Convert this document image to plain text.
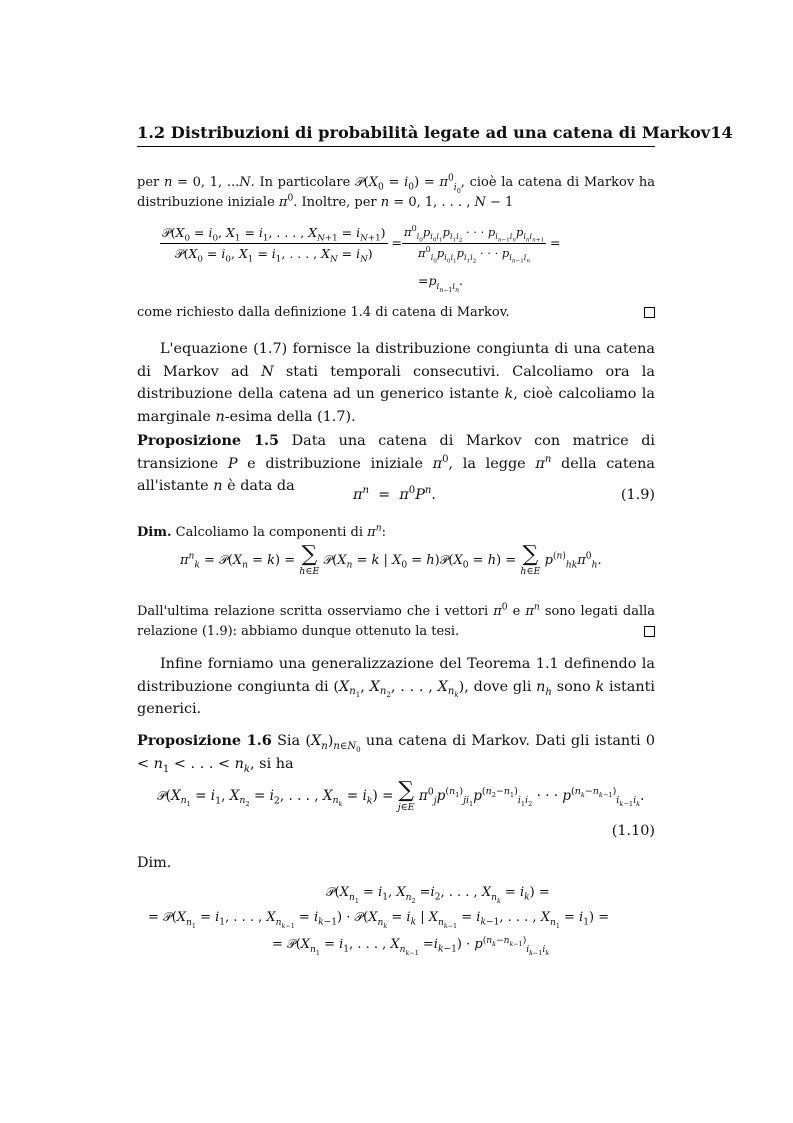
1.2 Distribuzioni di probabilità legate ad una catena di Markov14
per n = 0, 1, ...N. In particolare $𝒫(X_0 = i_0) = \pi^0_{i_0}$, cioè la catena di Markov ha distribuzione iniziale $\pi^0$. Inoltre, per n = 0, 1, . . . , N − 1
$\frac{𝒫(X_0 = i_0, X_1 = i_1, . . . , X_{N+1} = i_{N+1})}{𝒫(X_0 = i_0, X_1 = i_1, . . . , X_N = i_N)} = \frac{\pi^0_{i_0}p_{i_0i_1}p_{i_1i_2} \cdot \cdot \cdot p_{i_{n-1}i_n}p_{i_ni_{n+1}}}{\pi^0_{i_0}p_{i_0i_1}p_{i_1i_2} \cdot \cdot \cdot p_{i_{n-1}i_n}}$ =
$=p_{i_{n-1}i_n}$.
come richiesto dalla definizione 1.4 di catena di Markov.
L'equazione (1.7) fornisce la distribuzione congiunta di una catena di Markov ad N stati temporali consecutivi. Calcoliamo ora la distribuzione della catena ad un generico istante k, cioè calcoliamo la marginale n-esima della (1.7).
Proposizione 1.5 Data una catena di Markov con matrice di transizione P e distribuzione iniziale $\pi^0$, la legge $\pi^n$ della catena all'istante n è data da
$\pi^n = \pi^0P^n$.	(1.9)
Dim. Calcoliamo la componenti di $\pi^n$:
$\pi^n_k$ = $𝒫(X_n = k)$ = ∑
h∈E
$𝒫(X_n = k$ | $X_0$ = $h)𝒫(X_0 = h)$ = ∑
h∈E
$p^{(n)}_{hk}\pi^0_h$.
Dall'ultima relazione scritta osserviamo che i vettori $\pi^0$ e $\pi^n$ sono legati dalla relazione (1.9): abbiamo dunque ottenuto la tesi.
Infine forniamo una generalizzazione del Teorema 1.1 definendo la distribuzione congiunta di ($X_{n_1}$, $X_{n_2}$, . . . , $X_{n_k}$), dove gli $n_h$ sono k istanti generici.
Proposizione 1.6 Sia $(X_n)_{n\in N_0}$ una catena di Markov. Dati gli istanti $0 < n_1$ < . . . < $n_k$, si ha
$𝒫(X_{n_1} = i_1$, $X_{n_2} = i_2$, . . . , $X_{n_k} = i_k$) = ∑
j∈E
$\pi^0_jp^{(n_1)}_{ji_1}p^{(n_2-n_1)}_{i_1i_2}$ · · · $p^{(n_k-n_{k-1})}_{i_{k-1}i_k}$.
(1.10)
Dim.
$𝒫(X_{n_1} = i_1$, $X_{n_2} =i_2$, . . . , $X_{n_k} = i_k$) =
= $𝒫(X_{n_1} = i_1$, . . . , $X_{n_{k-1}} = i_{k-1}$) · $𝒫(X_{n_k} = i_k$ | $X_{n_{k-1}} = i_{k-1}$, . . . , $X_{n_1} = i_1$) =
= $𝒫(X_{n_1} = i_1$, . . . , $X_{n_{k-1}} =i_{k-1}) \cdot p^{(n_k-n_{k-1})}_{i_{k-1}i_k}$
